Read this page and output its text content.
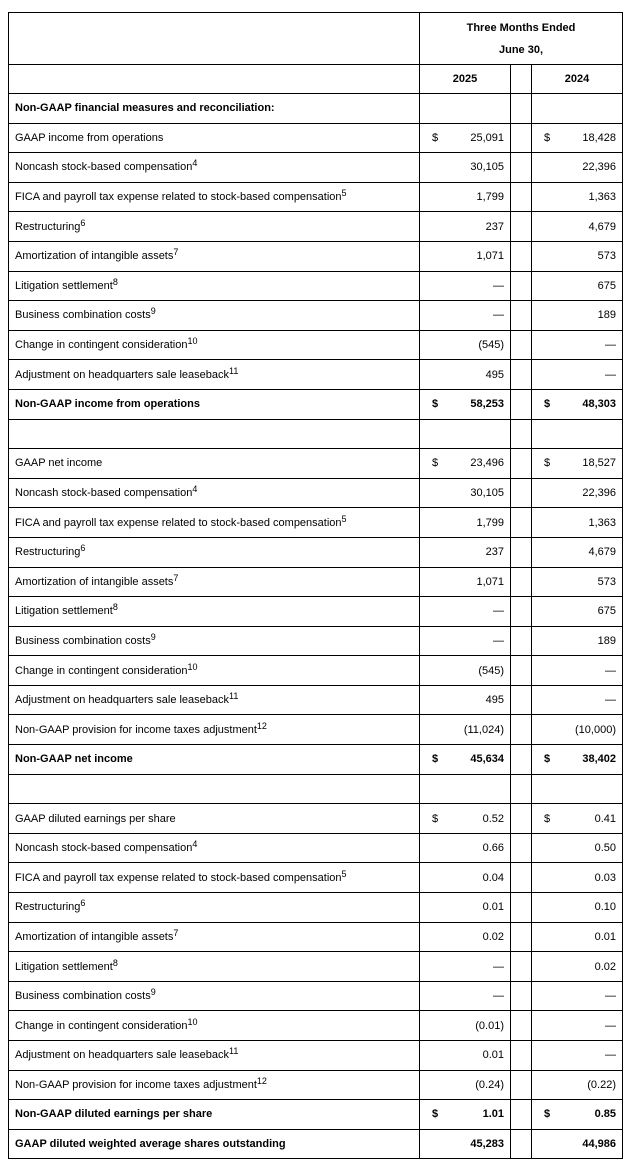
	Three Months Ended
June 30,		

	2025		2024
Non-GAAP financial measures and reconciliation:			
GAAP income from operations	$ 25,091		$ 18,428
Noncash stock-based compensation$^4$	30,105		22,396
FICA and payroll tax expense related to stock-based compensation$^5$	1,799		1,363
Restructuring$^6$	237		4,679
Amortization of intangible assets$^7$	1,071		573
Litigation settlement$^8$	—		675
Business combination costs$^9$	—		189
Change in contingent consideration$^{10}$	(545)		—
Adjustment on headquarters sale leaseback$^{11}$	495		—
Non-GAAP income from operations	$ 58,253		$ 48,303

GAAP net income	$ 23,496		$ 18,527
Noncash stock-based compensation$^4$	30,105		22,396
FICA and payroll tax expense related to stock-based compensation$^5$	1,799		1,363
Restructuring$^6$	237		4,679
Amortization of intangible assets$^7$	1,071		573
Litigation settlement$^8$	—		675
Business combination costs$^9$	—		189
Change in contingent consideration$^{10}$	(545)		—
Adjustment on headquarters sale leaseback$^{11}$	495		—
Non-GAAP provision for income taxes adjustment$^{12}$	(11,024)		(10,000)
Non-GAAP net income	$ 45,634		$ 38,402

GAAP diluted earnings per share	$ 0.52		$ 0.41
Noncash stock-based compensation$^4$	0.66		0.50
FICA and payroll tax expense related to stock-based compensation$^5$	0.04		0.03
Restructuring$^6$	0.01		0.10
Amortization of intangible assets$^7$	0.02		0.01
Litigation settlement$^8$	—		0.02
Business combination costs$^9$	—		—
Change in contingent consideration$^{10}$	(0.01)		—
Adjustment on headquarters sale leaseback$^{11}$	0.01		—
Non-GAAP provision for income taxes adjustment$^{12}$	(0.24)		(0.22)
Non-GAAP diluted earnings per share	$ 1.01		$ 0.85
GAAP diluted weighted average shares outstanding	45,283		44,986
